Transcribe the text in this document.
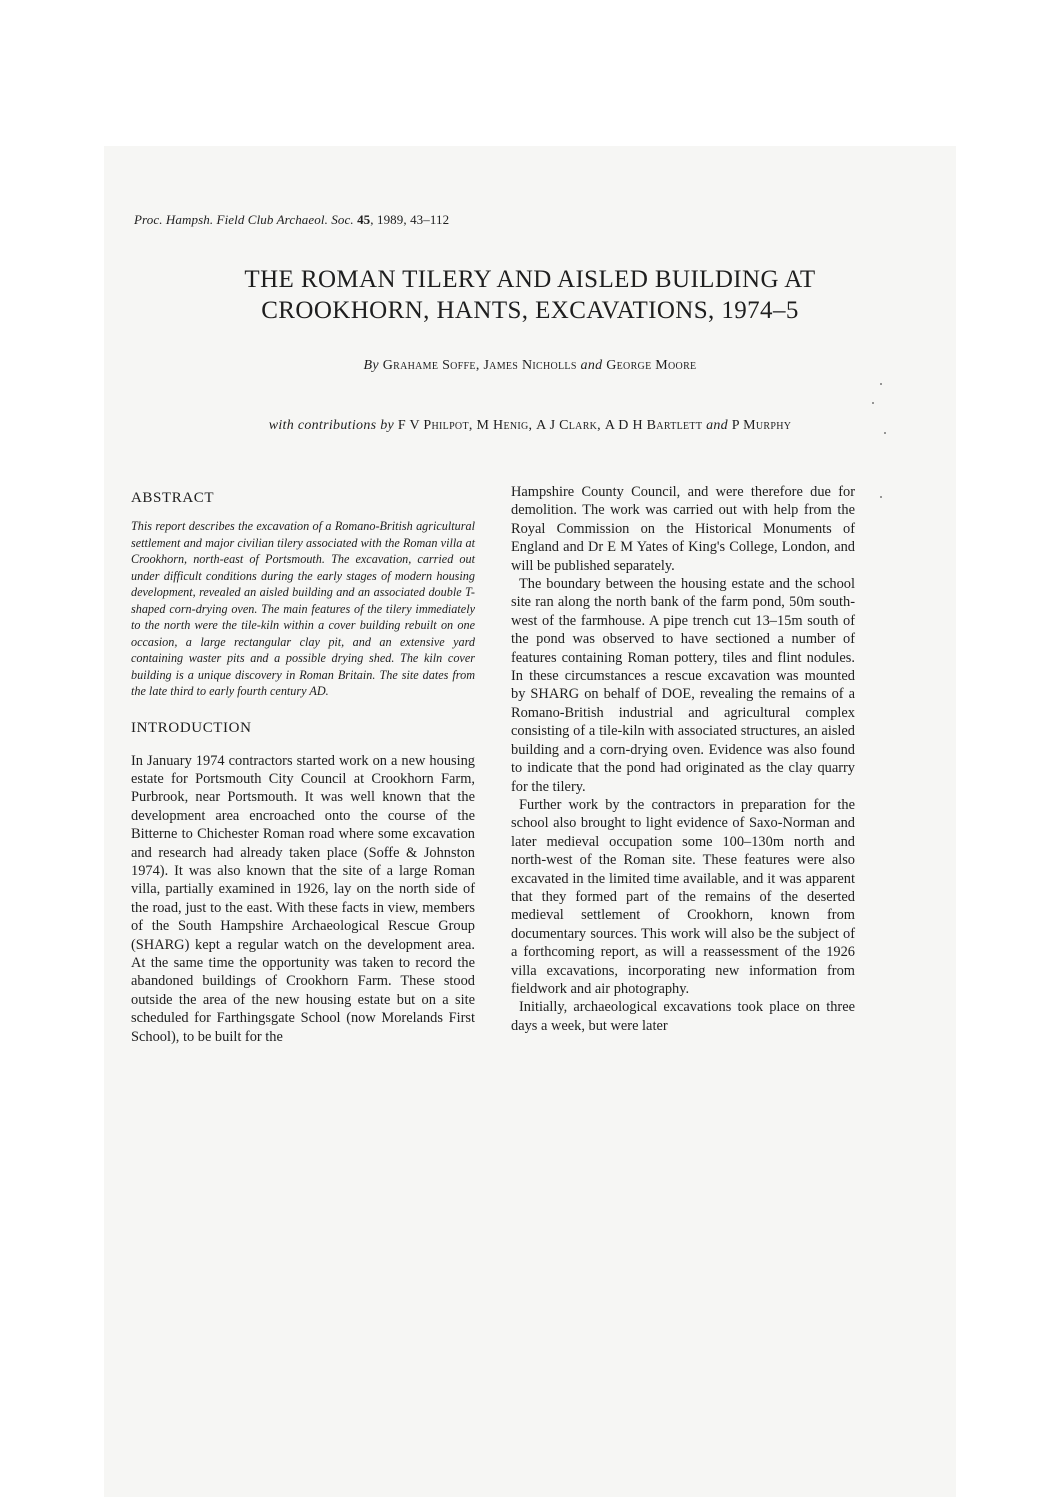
Proc. Hampsh. Field Club Archaeol. Soc. 45, 1989, 43–112
THE ROMAN TILERY AND AISLED BUILDING AT
CROOKHORN, HANTS, EXCAVATIONS, 1974–5
By Grahame Soffe, James Nicholls and George Moore
with contributions by F V Philpot, M Henig, A J Clark, A D H Bartlett and P Murphy
ABSTRACT

This report describes the excavation of a Romano-British agricultural settlement and major civilian tilery associated with the Roman villa at Crookhorn, north-east of Portsmouth. The excavation, carried out under difficult conditions during the early stages of modern housing development, revealed an aisled building and an associated double T-shaped corn-drying oven. The main features of the tilery immediately to the north were the tile-kiln within a cover building rebuilt on one occasion, a large rectangular clay pit, and an extensive yard containing waster pits and a possible drying shed. The kiln cover building is a unique discovery in Roman Britain. The site dates from the late third to early fourth century AD.

INTRODUCTION

In January 1974 contractors started work on a new housing estate for Portsmouth City Council at Crookhorn Farm, Purbrook, near Portsmouth. It was well known that the development area encroached onto the course of the Bitterne to Chichester Roman road where some excavation and research had already taken place (Soffe & Johnston 1974). It was also known that the site of a large Roman villa, partially examined in 1926, lay on the north side of the road, just to the east. With these facts in view, members of the South Hampshire Archaeological Rescue Group (SHARG) kept a regular watch on the development area. At the same time the opportunity was taken to record the abandoned buildings of Crookhorn Farm. These stood outside the area of the new housing estate but on a site scheduled for Farthingsgate School (now Morelands First School), to be built for the

Hampshire County Council, and were therefore due for demolition. The work was carried out with help from the Royal Commission on the Historical Monuments of England and Dr E M Yates of King's College, London, and will be published separately.

The boundary between the housing estate and the school site ran along the north bank of the farm pond, 50m south-west of the farmhouse. A pipe trench cut 13–15m south of the pond was observed to have sectioned a number of features containing Roman pottery, tiles and flint nodules. In these circumstances a rescue excavation was mounted by SHARG on behalf of DOE, revealing the remains of a Romano-British industrial and agricultural complex consisting of a tile-kiln with associated structures, an aisled building and a corn-drying oven. Evidence was also found to indicate that the pond had originated as the clay quarry for the tilery.

Further work by the contractors in preparation for the school also brought to light evidence of Saxo-Norman and later medieval occupation some 100–130m north and north-west of the Roman site. These features were also excavated in the limited time available, and it was apparent that they formed part of the remains of the deserted medieval settlement of Crookhorn, known from documentary sources. This work will also be the subject of a forthcoming report, as will a reassessment of the 1926 villa excavations, incorporating new information from fieldwork and air photography.

Initially, archaeological excavations took place on three days a week, but were later
